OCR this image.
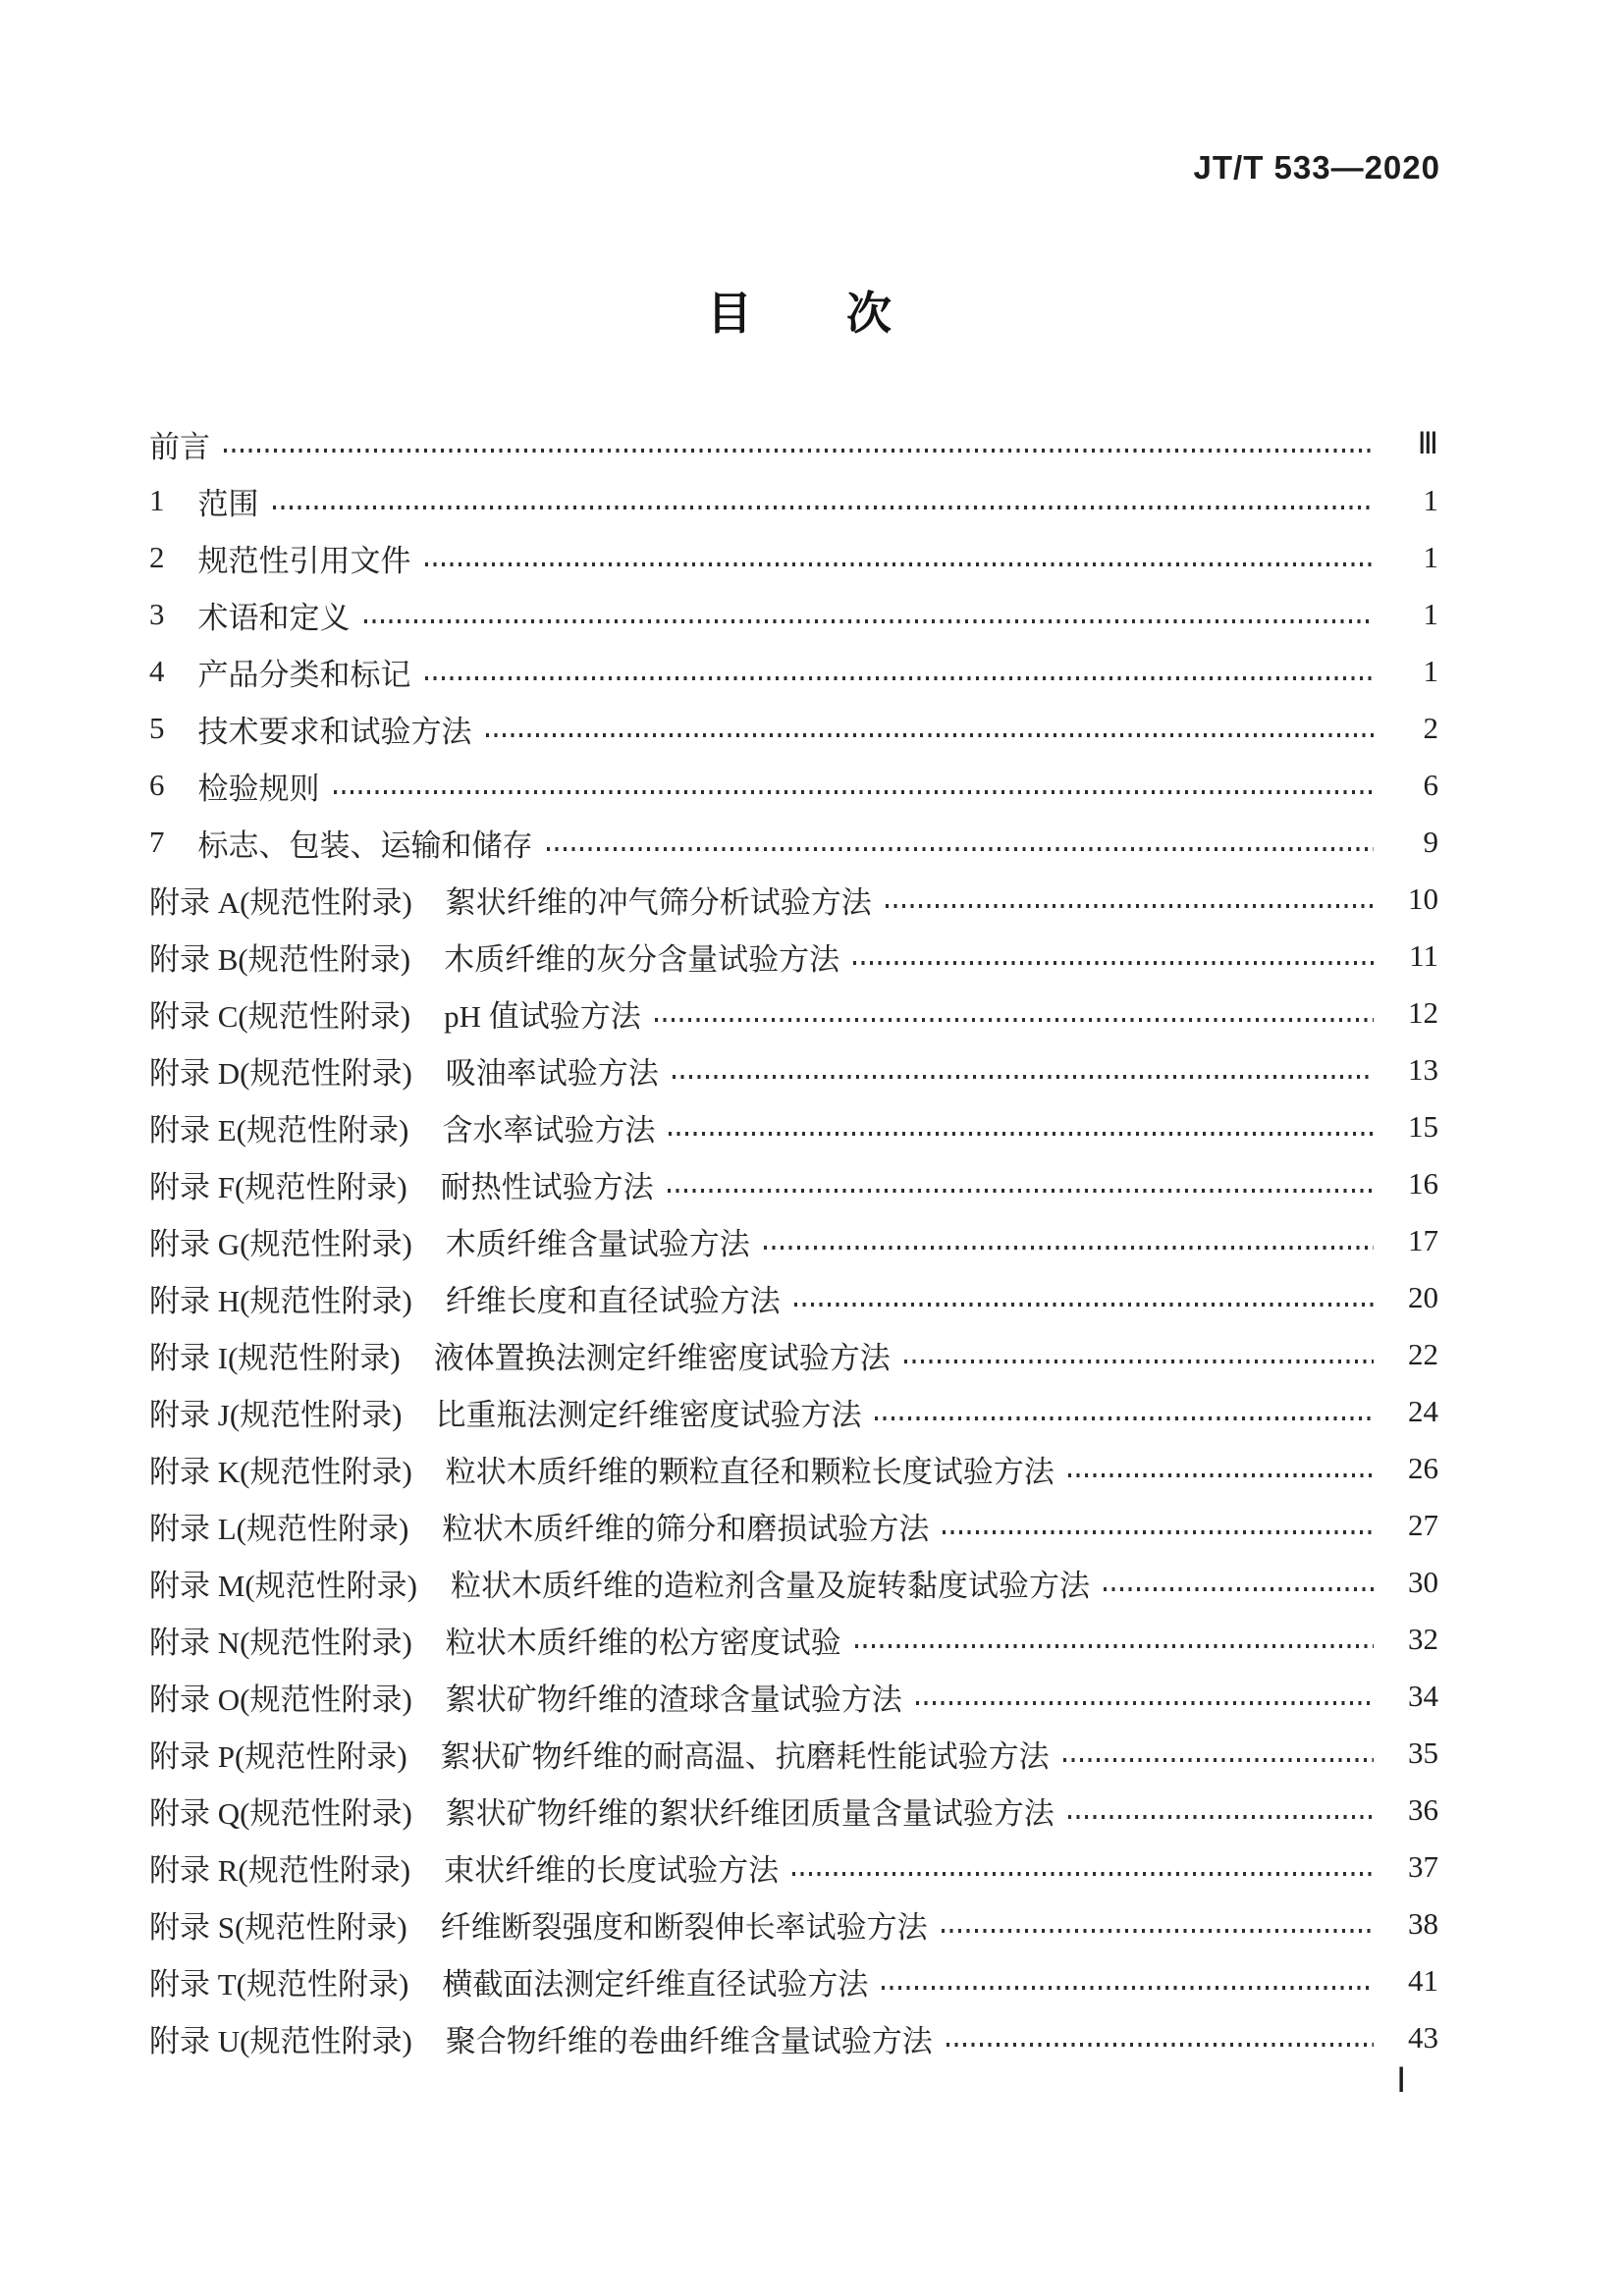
JT/T 533—2020
目　次
前言	Ⅲ
1 范围	1
2 规范性引用文件	1
3 术语和定义	1
4 产品分类和标记	1
5 技术要求和试验方法	2
6 检验规则	6
7 标志、包装、运输和储存	9
附录 A(规范性附录) 絮状纤维的冲气筛分析试验方法	10
附录 B(规范性附录) 木质纤维的灰分含量试验方法	11
附录 C(规范性附录) pH 值试验方法	12
附录 D(规范性附录) 吸油率试验方法	13
附录 E(规范性附录) 含水率试验方法	15
附录 F(规范性附录) 耐热性试验方法	16
附录 G(规范性附录) 木质纤维含量试验方法	17
附录 H(规范性附录) 纤维长度和直径试验方法	20
附录 I(规范性附录) 液体置换法测定纤维密度试验方法	22
附录 J(规范性附录) 比重瓶法测定纤维密度试验方法	24
附录 K(规范性附录) 粒状木质纤维的颗粒直径和颗粒长度试验方法	26
附录 L(规范性附录) 粒状木质纤维的筛分和磨损试验方法	27
附录 M(规范性附录) 粒状木质纤维的造粒剂含量及旋转黏度试验方法	30
附录 N(规范性附录) 粒状木质纤维的松方密度试验	32
附录 O(规范性附录) 絮状矿物纤维的渣球含量试验方法	34
附录 P(规范性附录) 絮状矿物纤维的耐高温、抗磨耗性能试验方法	35
附录 Q(规范性附录) 絮状矿物纤维的絮状纤维团质量含量试验方法	36
附录 R(规范性附录) 束状纤维的长度试验方法	37
附录 S(规范性附录) 纤维断裂强度和断裂伸长率试验方法	38
附录 T(规范性附录) 横截面法测定纤维直径试验方法	41
附录 U(规范性附录) 聚合物纤维的卷曲纤维含量试验方法	43
Ⅰ
